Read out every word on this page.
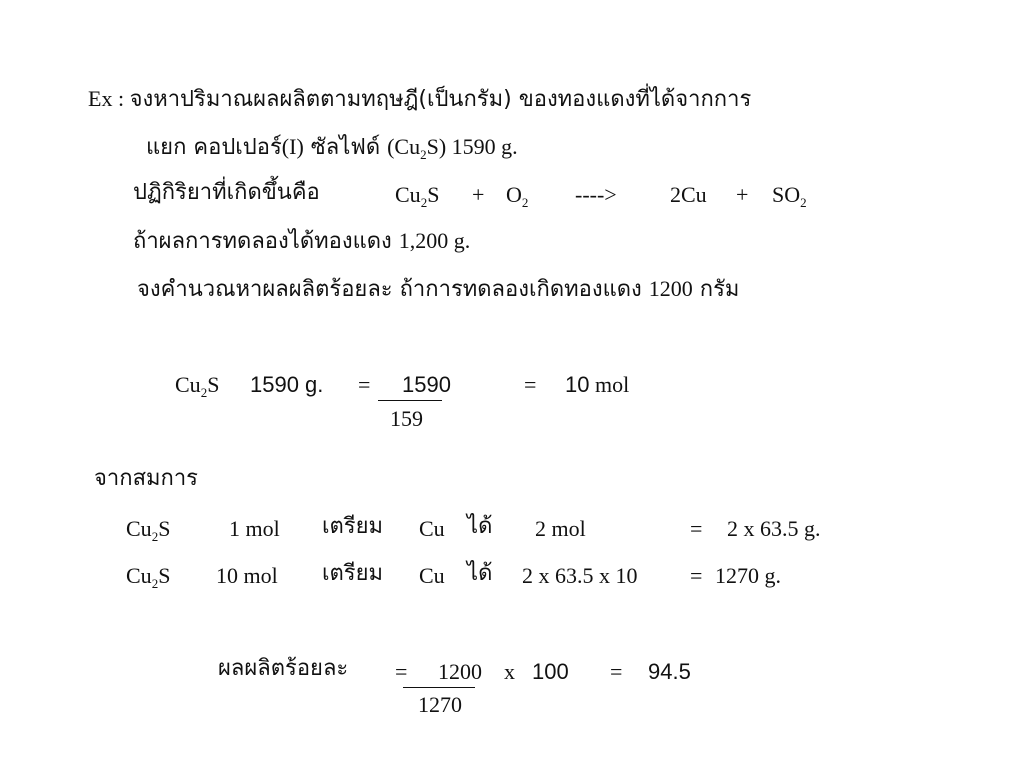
Ex : จงหาปริมาณผลผลิตตามทฤษฎี(เป็นกรัม) ของทองแดงที่ได้จากการ
แยก คอปเปอร์(I) ซัลไฟด์ $(Cu_2S)$ 1590 g.
ปฏิกิริยาที่เกิดขึ้นคือ	$Cu_2S + O_2$ ----> $2Cu + SO_2$
ถ้าผลการทดลองได้ทองแดง 1,200 g.
จงคำนวณหาผลผลิตร้อยละ ถ้าการทดลองเกิดทองแดง 1200 กรัม
$Cu_2S$ 1590 g. = 1590
159
= 10 mol
จากสมการ
$Cu_2S$	1 mol เตรียม Cu ได้ 2 mol	= 2 x 63.5 g.
$Cu_2S$ 10 mol เตรียม Cu ได้ 2 x 63.5 x 10 = 1270 g.
ผลผลิตร้อยละ = 1200 x 100
1270
= 94.5
